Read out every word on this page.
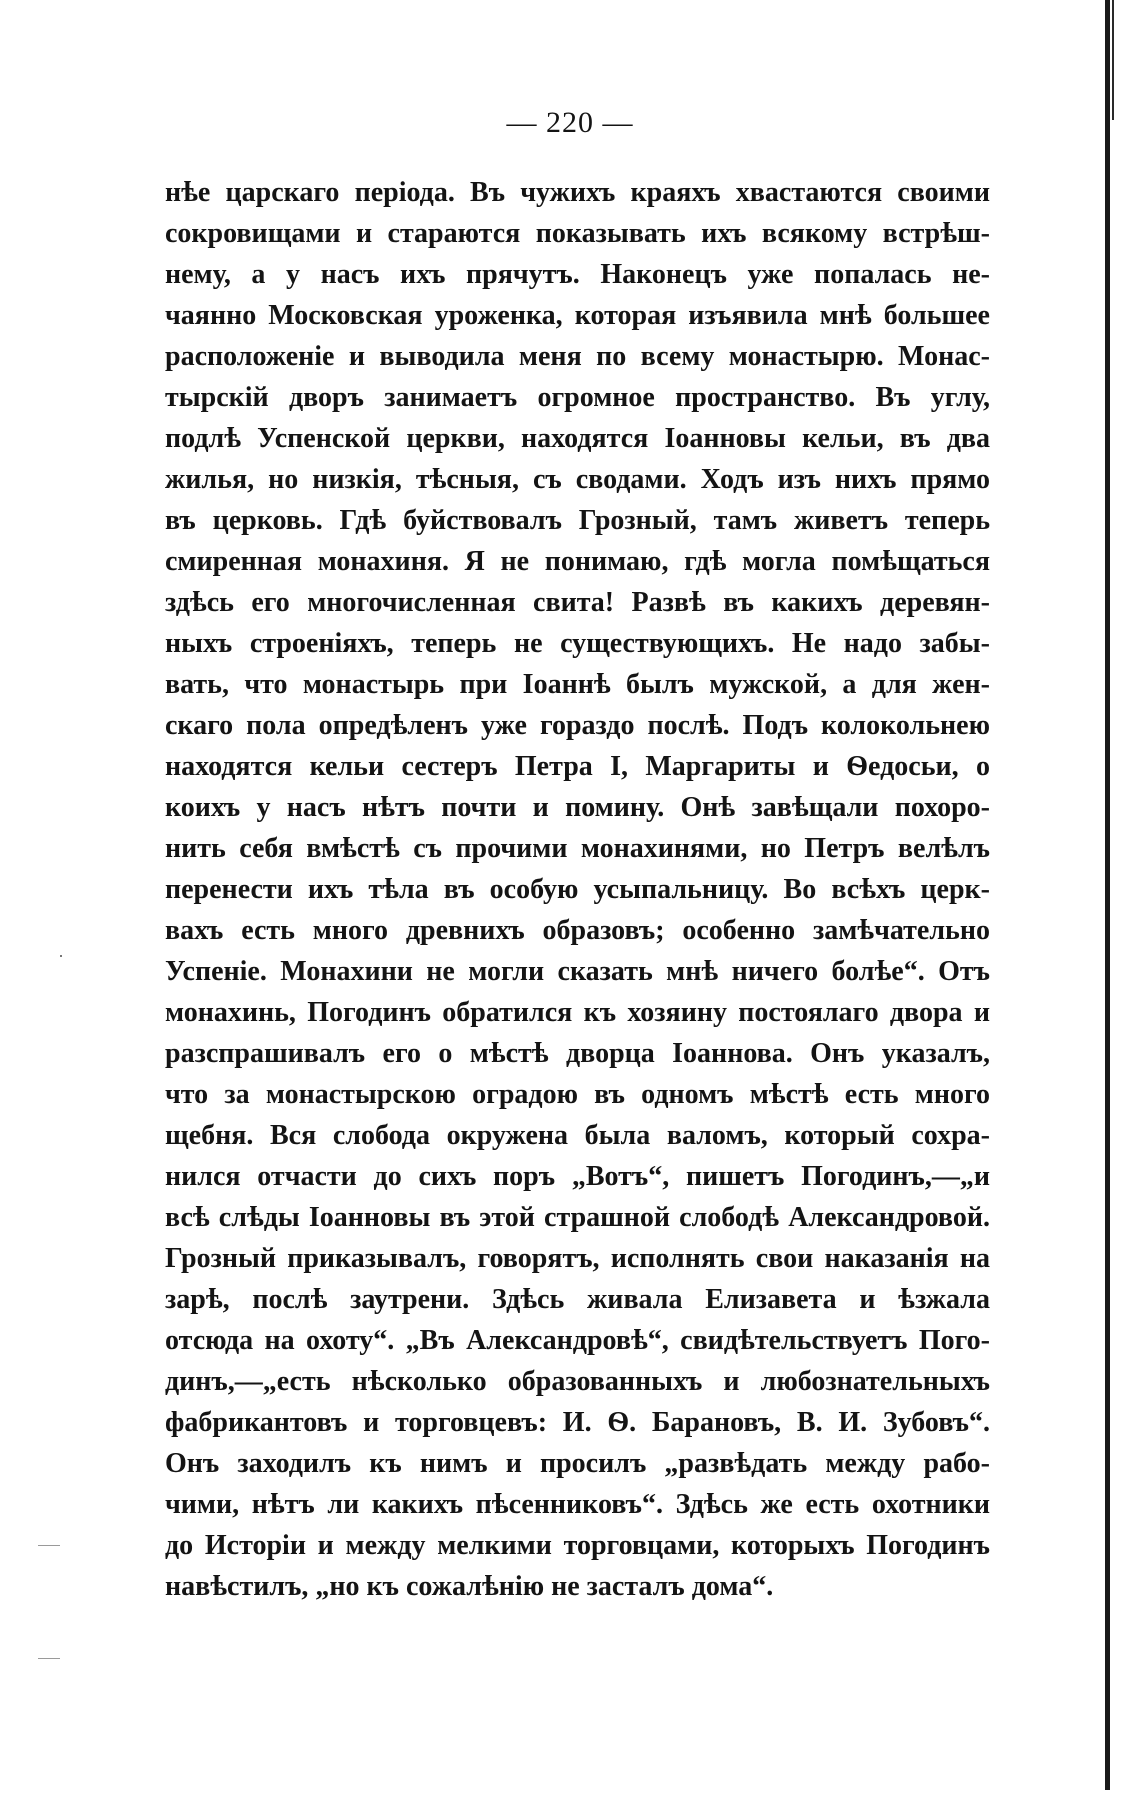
— 220 —
нѣе царскаго періода. Въ чужихъ краяхъ хвастаются своими
сокровищами и стараются показывать ихъ всякому встрѣш-
нему, а у насъ ихъ прячутъ. Наконецъ уже попалась не-
чаянно Московская уроженка, которая изъявила мнѣ большее
расположеніе и выводила меня по всему монастырю. Монас-
тырскій дворъ занимаетъ огромное пространство. Въ углу,
подлѣ Успенской церкви, находятся Іоанновы кельи, въ два
жилья, но низкія, тѣсныя, съ сводами. Ходъ изъ нихъ прямо
въ церковь. Гдѣ буйствовалъ Грозный, тамъ живетъ теперь
смиренная монахиня. Я не понимаю, гдѣ могла помѣщаться
здѣсь его многочисленная свита! Развѣ въ какихъ деревян-
ныхъ строеніяхъ, теперь не существующихъ. Не надо забы-
вать, что монастырь при Іоаннѣ былъ мужской, а для жен-
скаго пола опредѣленъ уже гораздо послѣ. Подъ колокольнею
находятся кельи сестеръ Петра I, Маргариты и Ѳедосьи, о
коихъ у насъ нѣтъ почти и помину. Онѣ завѣщали похоро-
нить себя вмѣстѣ съ прочими монахинями, но Петръ велѣлъ
перенести ихъ тѣла въ особую усыпальницу. Во всѣхъ церк-
вахъ есть много древнихъ образовъ; особенно замѣчательно
Успеніе. Монахини не могли сказать мнѣ ничего болѣе“. Отъ
монахинь, Погодинъ обратился къ хозяину постоялаго двора и
разспрашивалъ его о мѣстѣ дворца Іоаннова. Онъ указалъ,
что за монастырскою оградою въ одномъ мѣстѣ есть много
щебня. Вся слобода окружена была валомъ, который сохра-
нился отчасти до сихъ поръ „Вотъ“, пишетъ Погодинъ,—„и
всѣ слѣды Іоанновы въ этой страшной слободѣ Александровой.
Грозный приказывалъ, говорятъ, исполнять свои наказанія на
зарѣ, послѣ заутрени. Здѣсь живала Елизавета и ѣзжала
отсюда на охоту“. „Въ Александровѣ“, свидѣтельствуетъ Пого-
динъ,—„есть нѣсколько образованныхъ и любознательныхъ
фабрикантовъ и торговцевъ: И. Ѳ. Барановъ, В. И. Зубовъ“.
Онъ заходилъ къ нимъ и просилъ „развѣдать между рабо-
чими, нѣтъ ли какихъ пѣсенниковъ“. Здѣсь же есть охотники
до Исторіи и между мелкими торговцами, которыхъ Погодинъ
навѣстилъ, „но къ сожалѣнію не засталъ дома“.
